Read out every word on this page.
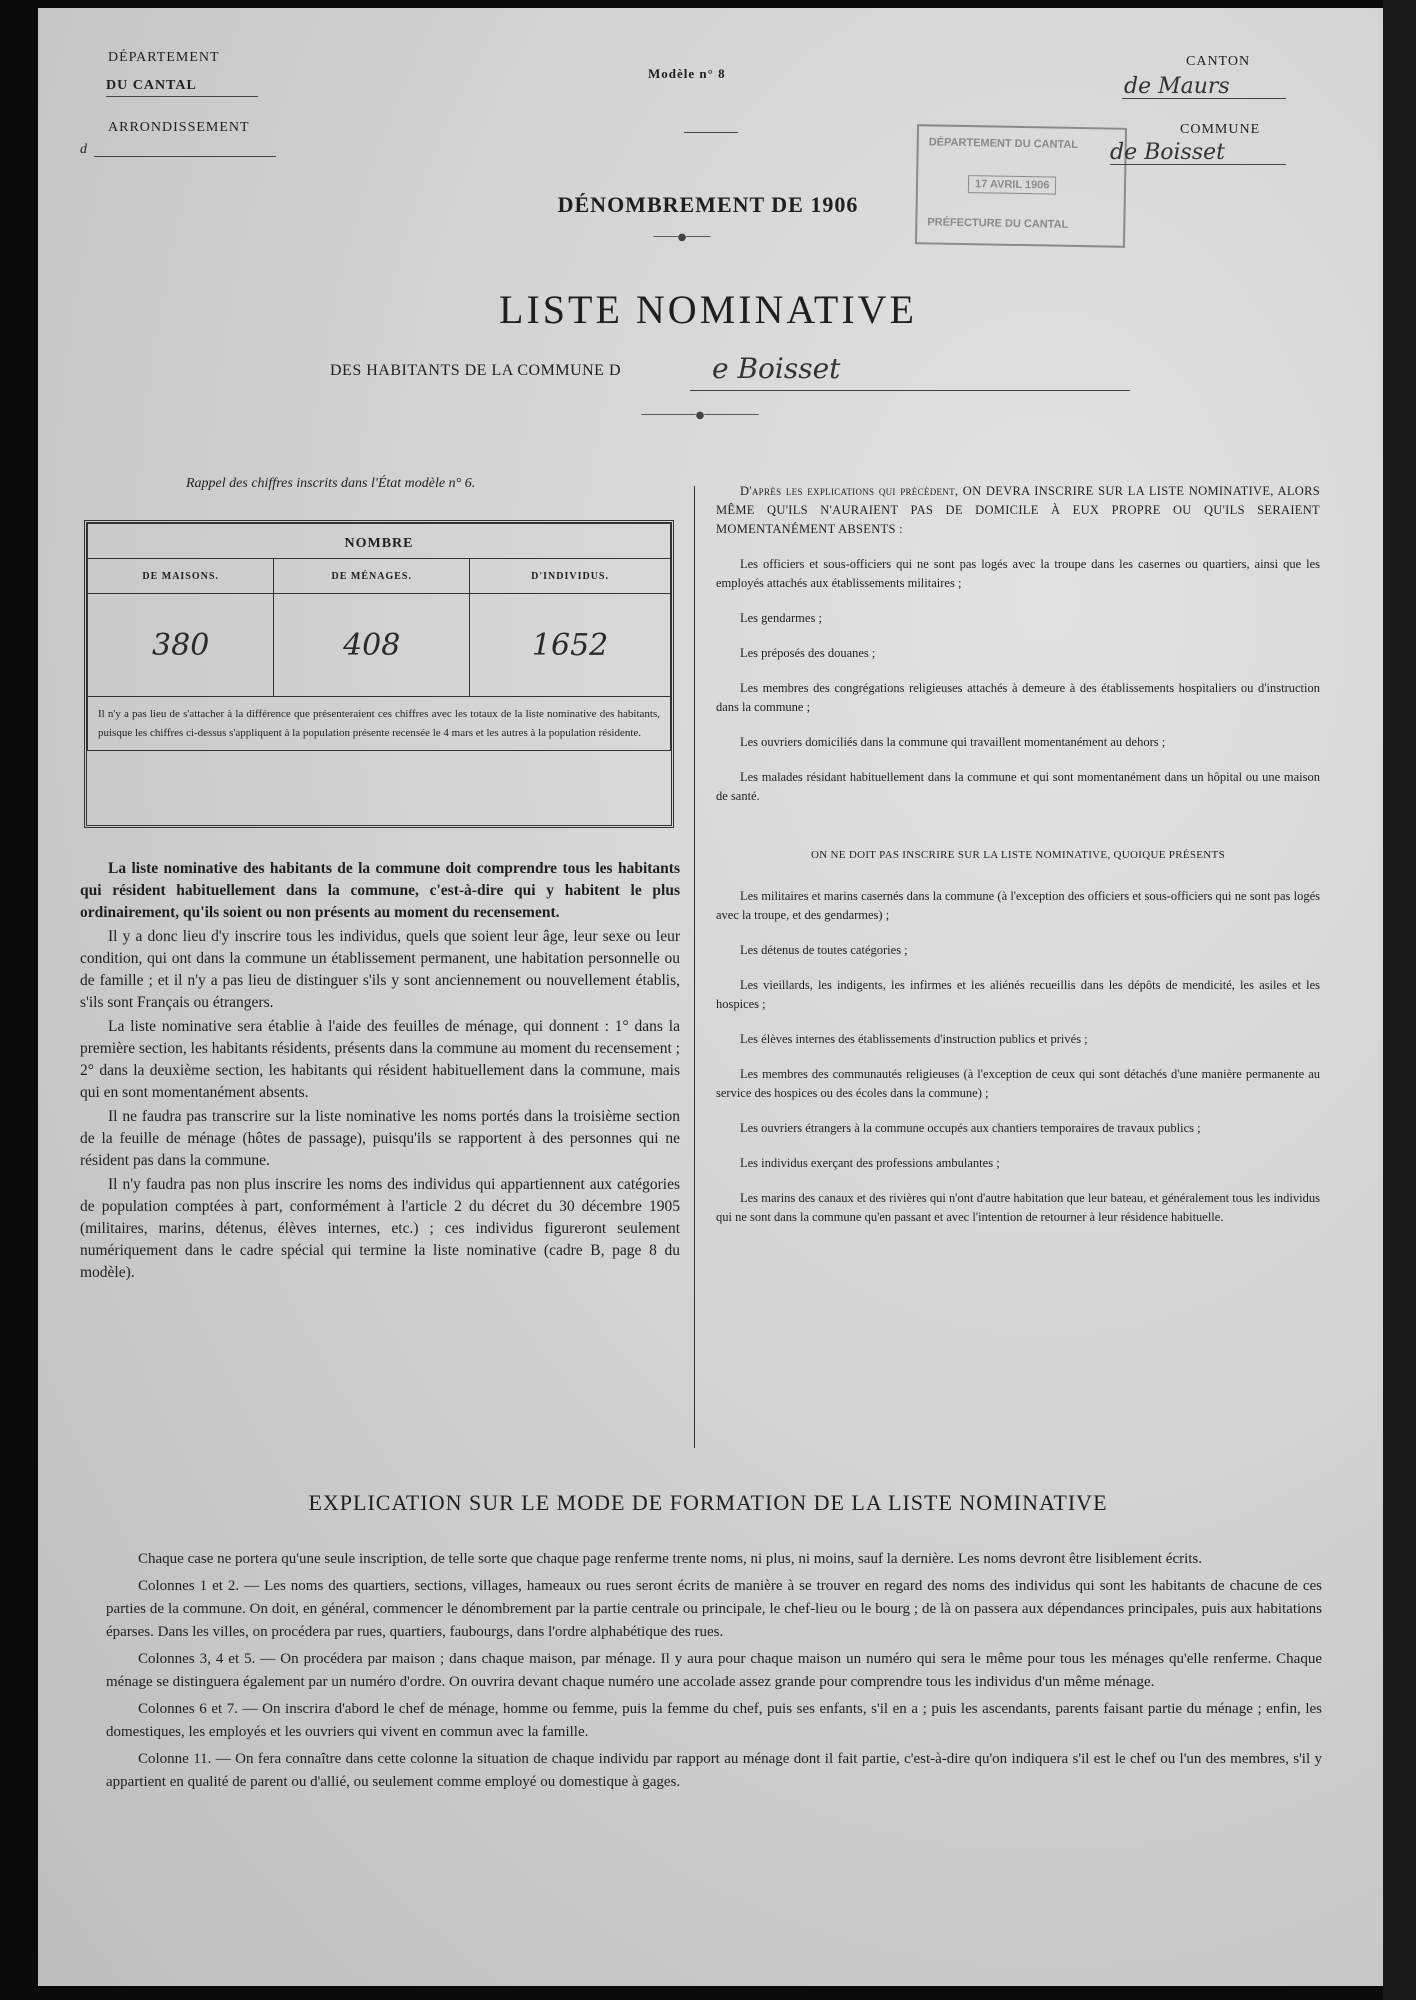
DÉPARTEMENT
DU CANTAL
ARRONDISSEMENT
d
Modèle n° 8
DÉPARTEMENT DU CANTAL
17 AVRIL 1906
PRÉFECTURE DU CANTAL
CANTON
de Maurs
COMMUNE
de Boisset
DÉNOMBREMENT DE 1906
────●────
LISTE NOMINATIVE
DES HABITANTS DE LA COMMUNE D	e Boisset
─────────●─────────
Rappel des chiffres inscrits dans l'État modèle n° 6.
NOMBRE		
DE MAISONS.	DE MÉNAGES.	D'INDIVIDUS.
380	408	1652
Il n'y a pas lieu de s'attacher à la différence que présenteraient ces chiffres avec les totaux de la liste nominative des habitants, puisque les chiffres ci-dessus s'appliquent à la population présente recensée le 4 mars et les autres à la population résidente.		

La liste nominative des habitants de la commune doit comprendre tous les habitants qui résident habituellement dans la commune, c'est-à-dire qui y habitent le plus ordinairement, qu'ils soient ou non présents au moment du recensement.

Il y a donc lieu d'y inscrire tous les individus, quels que soient leur âge, leur sexe ou leur condition, qui ont dans la commune un établissement permanent, une habitation personnelle ou de famille ; et il n'y a pas lieu de distinguer s'ils y sont anciennement ou nouvellement établis, s'ils sont Français ou étrangers.

La liste nominative sera établie à l'aide des feuilles de ménage, qui donnent : 1° dans la première section, les habitants résidents, présents dans la commune au moment du recensement ; 2° dans la deuxième section, les habitants qui résident habituellement dans la commune, mais qui en sont momentanément absents.

Il ne faudra pas transcrire sur la liste nominative les noms portés dans la troisième section de la feuille de ménage (hôtes de passage), puisqu'ils se rapportent à des personnes qui ne résident pas dans la commune.

Il n'y faudra pas non plus inscrire les noms des individus qui appartiennent aux catégories de population comptées à part, conformément à l'article 2 du décret du 30 décembre 1905 (militaires, marins, détenus, élèves internes, etc.) ; ces individus figureront seulement numériquement dans le cadre spécial qui termine la liste nominative (cadre B, page 8 du modèle).

D'après les explications qui précèdent, ON DEVRA INSCRIRE SUR LA LISTE NOMINATIVE, ALORS MÊME QU'ILS N'AURAIENT PAS DE DOMICILE À EUX PROPRE OU QU'ILS SERAIENT MOMENTANÉMENT ABSENTS :

Les officiers et sous-officiers qui ne sont pas logés avec la troupe dans les casernes ou quartiers, ainsi que les employés attachés aux établissements militaires ;

Les gendarmes ;

Les préposés des douanes ;

Les membres des congrégations religieuses attachés à demeure à des établissements hospitaliers ou d'instruction dans la commune ;

Les ouvriers domiciliés dans la commune qui travaillent momentanément au dehors ;

Les malades résidant habituellement dans la commune et qui sont momentanément dans un hôpital ou une maison de santé.

ON NE DOIT PAS INSCRIRE SUR LA LISTE NOMINATIVE, QUOIQUE PRÉSENTS

Les militaires et marins casernés dans la commune (à l'exception des officiers et sous-officiers qui ne sont pas logés avec la troupe, et des gendarmes) ;

Les détenus de toutes catégories ;

Les vieillards, les indigents, les infirmes et les aliénés recueillis dans les dépôts de mendicité, les asiles et les hospices ;

Les élèves internes des établissements d'instruction publics et privés ;

Les membres des communautés religieuses (à l'exception de ceux qui sont détachés d'une manière permanente au service des hospices ou des écoles dans la commune) ;

Les ouvriers étrangers à la commune occupés aux chantiers temporaires de travaux publics ;

Les individus exerçant des professions ambulantes ;

Les marins des canaux et des rivières qui n'ont d'autre habitation que leur bateau, et généralement tous les individus qui ne sont dans la commune qu'en passant et avec l'intention de retourner à leur résidence habituelle.

EXPLICATION SUR LE MODE DE FORMATION DE LA LISTE NOMINATIVE

Chaque case ne portera qu'une seule inscription, de telle sorte que chaque page renferme trente noms, ni plus, ni moins, sauf la dernière. Les noms devront être lisiblement écrits.

Colonnes 1 et 2. — Les noms des quartiers, sections, villages, hameaux ou rues seront écrits de manière à se trouver en regard des noms des individus qui sont les habitants de chacune de ces parties de la commune. On doit, en général, commencer le dénombrement par la partie centrale ou principale, le chef-lieu ou le bourg ; de là on passera aux dépendances principales, puis aux habitations éparses. Dans les villes, on procédera par rues, quartiers, faubourgs, dans l'ordre alphabétique des rues.

Colonnes 3, 4 et 5. — On procédera par maison ; dans chaque maison, par ménage. Il y aura pour chaque maison un numéro qui sera le même pour tous les ménages qu'elle renferme. Chaque ménage se distinguera également par un numéro d'ordre. On ouvrira devant chaque numéro une accolade assez grande pour comprendre tous les individus d'un même ménage.

Colonnes 6 et 7. — On inscrira d'abord le chef de ménage, homme ou femme, puis la femme du chef, puis ses enfants, s'il en a ; puis les ascendants, parents faisant partie du ménage ; enfin, les domestiques, les employés et les ouvriers qui vivent en commun avec la famille.

Colonne 11. — On fera connaître dans cette colonne la situation de chaque individu par rapport au ménage dont il fait partie, c'est-à-dire qu'on indiquera s'il est le chef ou l'un des membres, s'il y appartient en qualité de parent ou d'allié, ou seulement comme employé ou domestique à gages.
